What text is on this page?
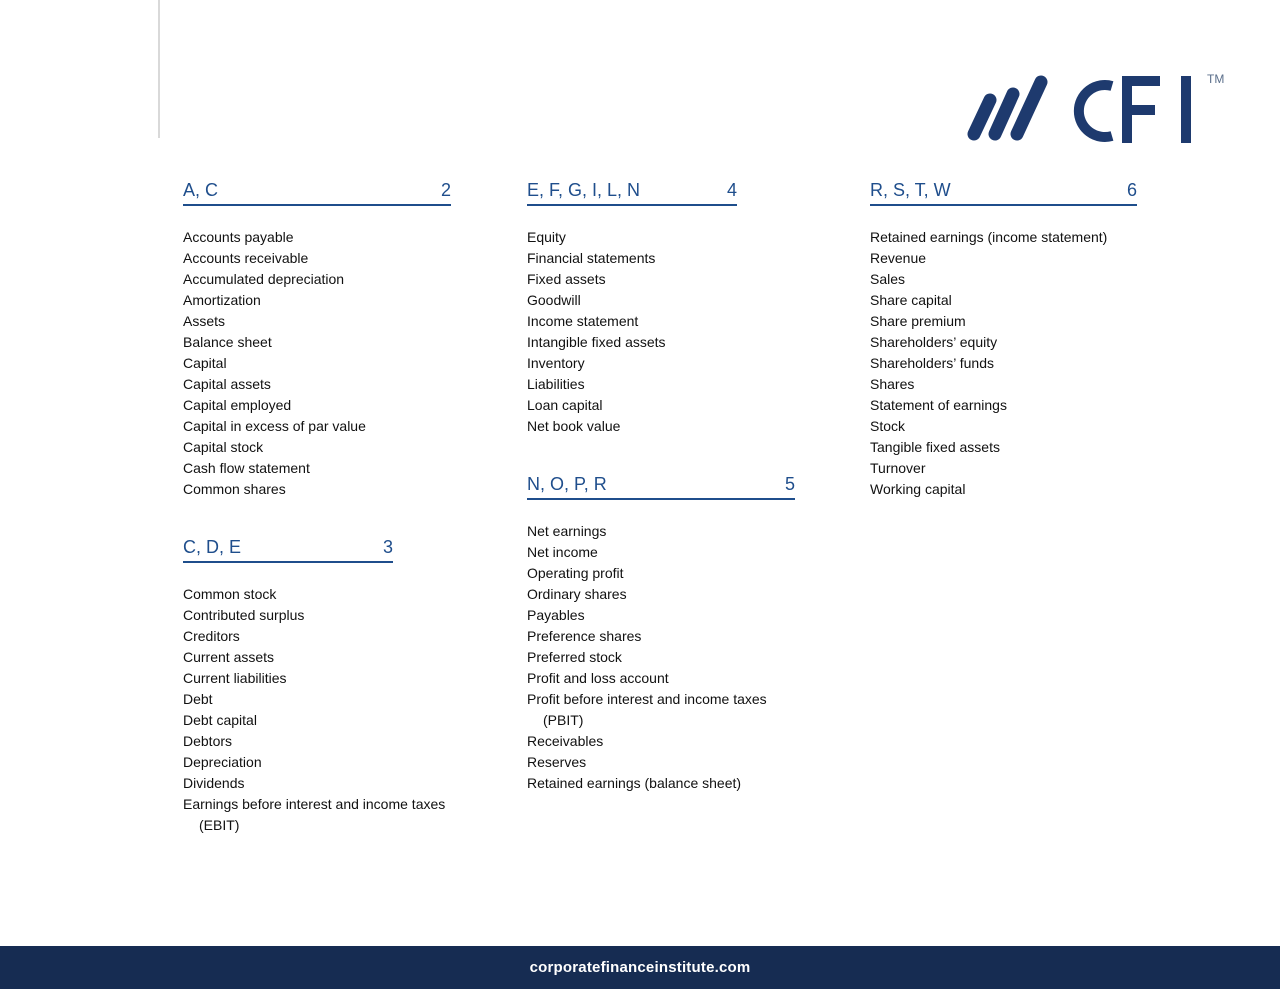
TM
A, C	2
Accounts payable
Accounts receivable
Accumulated depreciation
Amortization
Assets
Balance sheet
Capital
Capital assets
Capital employed
Capital in excess of par value
Capital stock
Cash flow statement
Common shares
C, D, E	3
Common stock
Contributed surplus
Creditors
Current assets
Current liabilities
Debt
Debt capital
Debtors
Depreciation
Dividends
Earnings before interest and income taxes
(EBIT)
E, F, G, I, L, N	4
Equity
Financial statements
Fixed assets
Goodwill
Income statement
Intangible fixed assets
Inventory
Liabilities
Loan capital
Net book value
N, O, P, R	5
Net earnings
Net income
Operating profit
Ordinary shares
Payables
Preference shares
Preferred stock
Profit and loss account
Profit before interest and income taxes
(PBIT)
Receivables
Reserves
Retained earnings (balance sheet)
R, S, T, W	6
Retained earnings (income statement)
Revenue
Sales
Share capital
Share premium
Shareholders’ equity
Shareholders’ funds
Shares
Statement of earnings
Stock
Tangible fixed assets
Turnover
Working capital
corporatefinanceinstitute.com
